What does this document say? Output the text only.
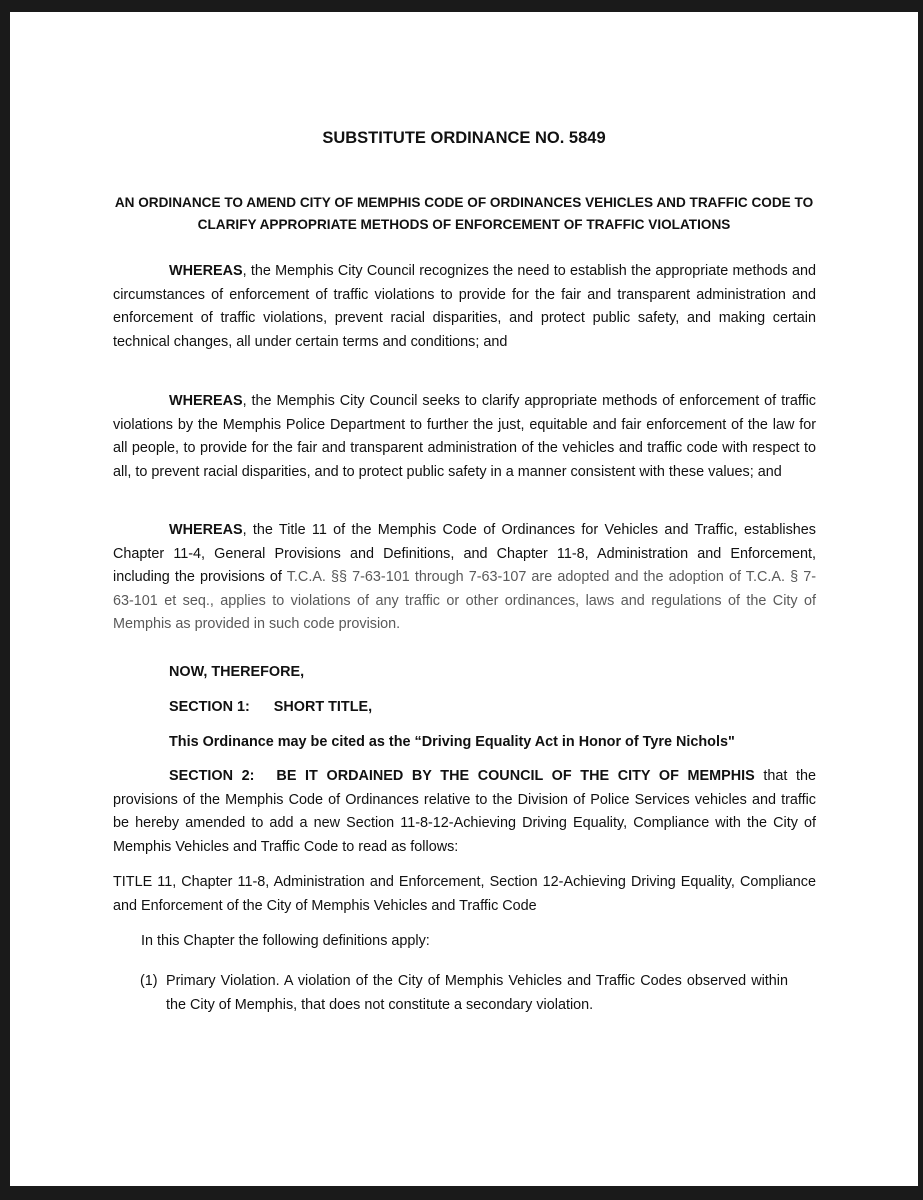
SUBSTITUTE ORDINANCE NO. 5849
AN ORDINANCE TO AMEND CITY OF MEMPHIS CODE OF ORDINANCES VEHICLES AND TRAFFIC CODE TO CLARIFY APPROPRIATE METHODS OF ENFORCEMENT OF TRAFFIC VIOLATIONS

WHEREAS, the Memphis City Council recognizes the need to establish the appropriate methods and circumstances of enforcement of traffic violations to provide for the fair and transparent administration and enforcement of traffic violations, prevent racial disparities, and protect public safety, and making certain technical changes, all under certain terms and conditions; and

WHEREAS, the Memphis City Council seeks to clarify appropriate methods of enforcement of traffic violations by the Memphis Police Department to further the just, equitable and fair enforcement of the law for all people, to provide for the fair and transparent administration of the vehicles and traffic code with respect to all, to prevent racial disparities, and to protect public safety in a manner consistent with these values; and

WHEREAS, the Title 11 of the Memphis Code of Ordinances for Vehicles and Traffic, establishes Chapter 11-4, General Provisions and Definitions, and Chapter 11-8, Administration and Enforcement, including the provisions of T.C.A. §§ 7-63-101 through 7-63-107 are adopted and the adoption of T.C.A. § 7-63-101 et seq., applies to violations of any traffic or other ordinances, laws and regulations of the City of Memphis as provided in such code provision.

NOW, THEREFORE,

SECTION 1: SHORT TITLE,

This Ordinance may be cited as the “Driving Equality Act in Honor of Tyre Nichols"

SECTION 2: BE IT ORDAINED BY THE COUNCIL OF THE CITY OF MEMPHIS that the provisions of the Memphis Code of Ordinances relative to the Division of Police Services vehicles and traffic be hereby amended to add a new Section 11-8-12-Achieving Driving Equality, Compliance with the City of Memphis Vehicles and Traffic Code to read as follows:

TITLE 11, Chapter 11-8, Administration and Enforcement, Section 12-Achieving Driving Equality, Compliance and Enforcement of the City of Memphis Vehicles and Traffic Code

In this Chapter the following definitions apply:

(1) Primary Violation. A violation of the City of Memphis Vehicles and Traffic Codes observed within the City of Memphis, that does not constitute a secondary violation.
